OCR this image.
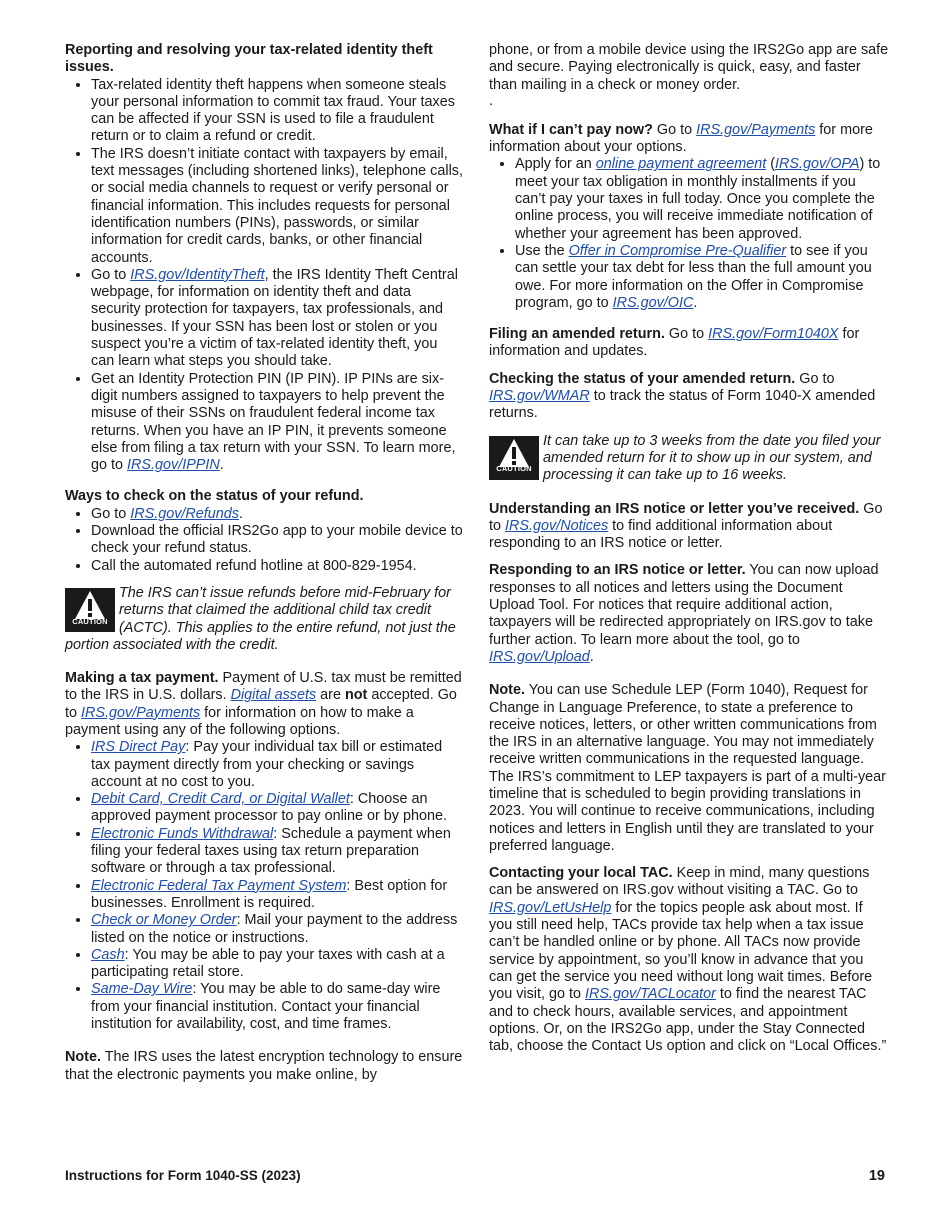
Reporting and resolving your tax-related identity theft issues.
• Tax-related identity theft happens when someone steals your personal information to commit tax fraud. Your taxes can be affected if your SSN is used to file a fraudulent return or to claim a refund or credit.
• The IRS doesn’t initiate contact with taxpayers by email, text messages (including shortened links), telephone calls, or social media channels to request or verify personal or financial information. This includes requests for personal identification numbers (PINs), passwords, or similar information for credit cards, banks, or other financial accounts.
• Go to IRS.gov/IdentityTheft, the IRS Identity Theft Central webpage, for information on identity theft and data security protection for taxpayers, tax professionals, and businesses. If your SSN has been lost or stolen or you suspect you’re a victim of tax-related identity theft, you can learn what steps you should take.
• Get an Identity Protection PIN (IP PIN). IP PINs are six-digit numbers assigned to taxpayers to help prevent the misuse of their SSNs on fraudulent federal income tax returns. When you have an IP PIN, it prevents someone else from filing a tax return with your SSN. To learn more, go to IRS.gov/IPPIN.
Ways to check on the status of your refund.
• Go to IRS.gov/Refunds.
• Download the official IRS2Go app to your mobile device to check your refund status.
• Call the automated refund hotline at 800-829-1954.
CAUTION
The IRS can’t issue refunds before mid-February for returns that claimed the additional child tax credit (ACTC). This applies to the entire refund, not just the portion associated with the credit.
Making a tax payment. Payment of U.S. tax must be remitted to the IRS in U.S. dollars. Digital assets are not accepted. Go to IRS.gov/Payments for information on how to make a payment using any of the following options.
• IRS Direct Pay: Pay your individual tax bill or estimated tax payment directly from your checking or savings account at no cost to you.
• Debit Card, Credit Card, or Digital Wallet: Choose an approved payment processor to pay online or by phone.
• Electronic Funds Withdrawal: Schedule a payment when filing your federal taxes using tax return preparation software or through a tax professional.
• Electronic Federal Tax Payment System: Best option for businesses. Enrollment is required.
• Check or Money Order: Mail your payment to the address listed on the notice or instructions.
• Cash: You may be able to pay your taxes with cash at a participating retail store.
• Same-Day Wire: You may be able to do same-day wire from your financial institution. Contact your financial institution for availability, cost, and time frames.
Note. The IRS uses the latest encryption technology to ensure that the electronic payments you make online, by
phone, or from a mobile device using the IRS2Go app are safe and secure. Paying electronically is quick, easy, and faster than mailing in a check or money order.
.
What if I can’t pay now? Go to IRS.gov/Payments for more information about your options.
• Apply for an online payment agreement (IRS.gov/OPA) to meet your tax obligation in monthly installments if you can’t pay your taxes in full today. Once you complete the online process, you will receive immediate notification of whether your agreement has been approved.
• Use the Offer in Compromise Pre-Qualifier to see if you can settle your tax debt for less than the full amount you owe. For more information on the Offer in Compromise program, go to IRS.gov/OIC.
Filing an amended return. Go to IRS.gov/Form1040X for information and updates.
Checking the status of your amended return. Go to IRS.gov/WMAR to track the status of Form 1040-X amended returns.
CAUTION
It can take up to 3 weeks from the date you filed your amended return for it to show up in our system, and processing it can take up to 16 weeks.
Understanding an IRS notice or letter you’ve received. Go to IRS.gov/Notices to find additional information about responding to an IRS notice or letter.
Responding to an IRS notice or letter. You can now upload responses to all notices and letters using the Document Upload Tool. For notices that require additional action, taxpayers will be redirected appropriately on IRS.gov to take further action. To learn more about the tool, go to IRS.gov/Upload.
Note. You can use Schedule LEP (Form 1040), Request for Change in Language Preference, to state a preference to receive notices, letters, or other written communications from the IRS in an alternative language. You may not immediately receive written communications in the requested language. The IRS’s commitment to LEP taxpayers is part of a multi-year timeline that is scheduled to begin providing translations in 2023. You will continue to receive communications, including notices and letters in English until they are translated to your preferred language.
Contacting your local TAC. Keep in mind, many questions can be answered on IRS.gov without visiting a TAC. Go to IRS.gov/LetUsHelp for the topics people ask about most. If you still need help, TACs provide tax help when a tax issue can’t be handled online or by phone. All TACs now provide service by appointment, so you’ll know in advance that you can get the service you need without long wait times. Before you visit, go to IRS.gov/TACLocator to find the nearest TAC and to check hours, available services, and appointment options. Or, on the IRS2Go app, under the Stay Connected tab, choose the Contact Us option and click on “Local Offices.”
Instructions for Form 1040-SS (2023)	19
